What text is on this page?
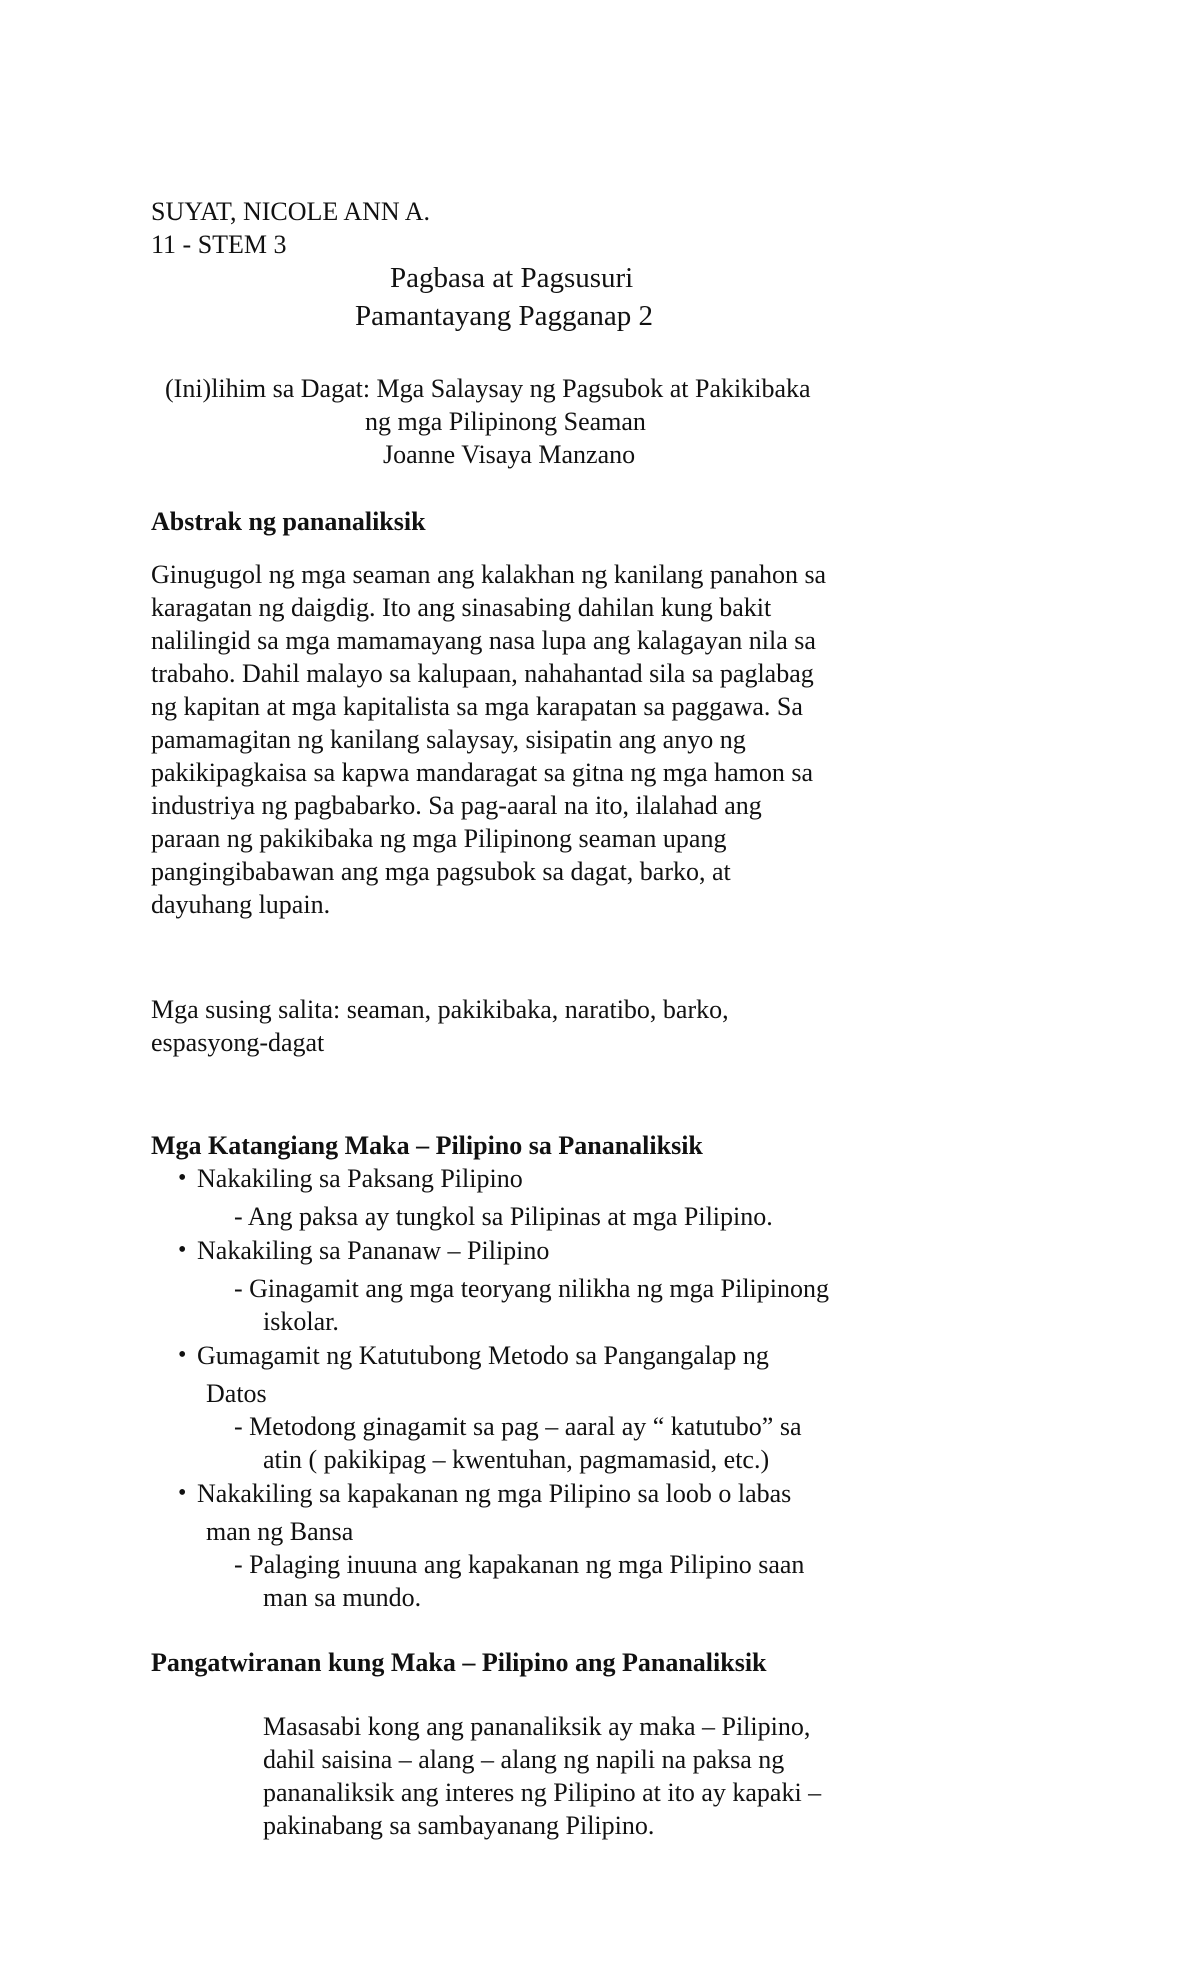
SUYAT, NICOLE ANN A.
11 - STEM 3
Pagbasa at Pagsusuri
Pamantayang Pagganap 2
(Ini)lihim sa Dagat: Mga Salaysay ng Pagsubok at Pakikibaka
ng mga Pilipinong Seaman
Joanne Visaya Manzano
Abstrak ng pananaliksik
Ginugugol ng mga seaman ang kalakhan ng kanilang panahon sa
karagatan ng daigdig. Ito ang sinasabing dahilan kung bakit
nalilingid sa mga mamamayang nasa lupa ang kalagayan nila sa
trabaho. Dahil malayo sa kalupaan, nahahantad sila sa paglabag
ng kapitan at mga kapitalista sa mga karapatan sa paggawa. Sa
pamamagitan ng kanilang salaysay, sisipatin ang anyo ng
pakikipagkaisa sa kapwa mandaragat sa gitna ng mga hamon sa
industriya ng pagbabarko. Sa pag-aaral na ito, ilalahad ang
paraan ng pakikibaka ng mga Pilipinong seaman upang
pangingibabawan ang mga pagsubok sa dagat, barko, at
dayuhang lupain.
Mga susing salita: seaman, pakikibaka, naratibo, barko,
espasyong-dagat
Mga Katangiang Maka – Pilipino sa Pananaliksik
• Nakakiling sa Paksang Pilipino
- Ang paksa ay tungkol sa Pilipinas at mga Pilipino.
• Nakakiling sa Pananaw – Pilipino
- Ginagamit ang mga teoryang nilikha ng mga Pilipinong
iskolar.
• Gumagamit ng Katutubong Metodo sa Pangangalap ng
Datos
- Metodong ginagamit sa pag – aaral ay “ katutubo” sa
atin ( pakikipag – kwentuhan, pagmamasid, etc.)
• Nakakiling sa kapakanan ng mga Pilipino sa loob o labas
man ng Bansa
- Palaging inuuna ang kapakanan ng mga Pilipino saan
man sa mundo.
Pangatwiranan kung Maka – Pilipino ang Pananaliksik
Masasabi kong ang pananaliksik ay maka – Pilipino,
dahil saisina – alang – alang ng napili na paksa ng
pananaliksik ang interes ng Pilipino at ito ay kapaki –
pakinabang sa sambayanang Pilipino.
